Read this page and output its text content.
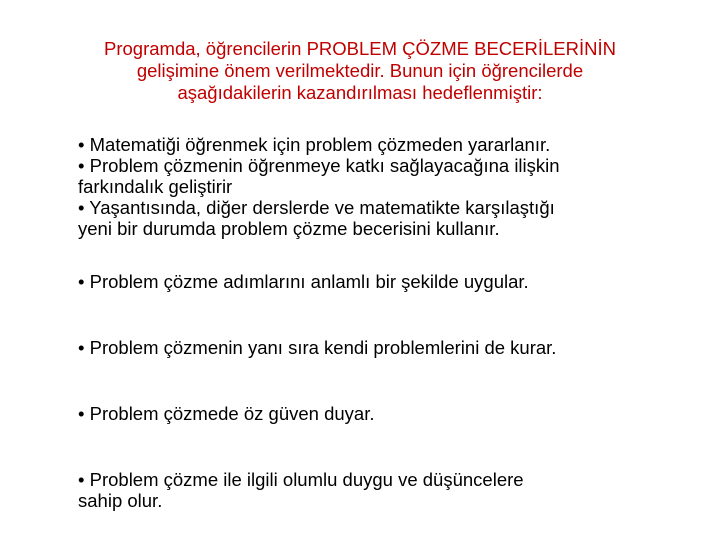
Programda, öğrencilerin PROBLEM ÇÖZME BECERİLERİNİN
gelişimine önem verilmektedir. Bunun için öğrencilerde
aşağıdakilerin kazandırılması hedeflenmiştir:

• Matematiği öğrenmek için problem çözmeden yararlanır.

• Problem çözmenin öğrenmeye katkı sağlayacağına ilişkin
farkındalık geliştirir

• Yaşantısında, diğer derslerde ve matematikte karşılaştığı
yeni bir durumda problem çözme becerisini kullanır.

• Problem çözme adımlarını anlamlı bir şekilde uygular.

• Problem çözmenin yanı sıra kendi problemlerini de kurar.

• Problem çözmede öz güven duyar.

• Problem çözme ile ilgili olumlu duygu ve düşüncelere
sahip olur.
